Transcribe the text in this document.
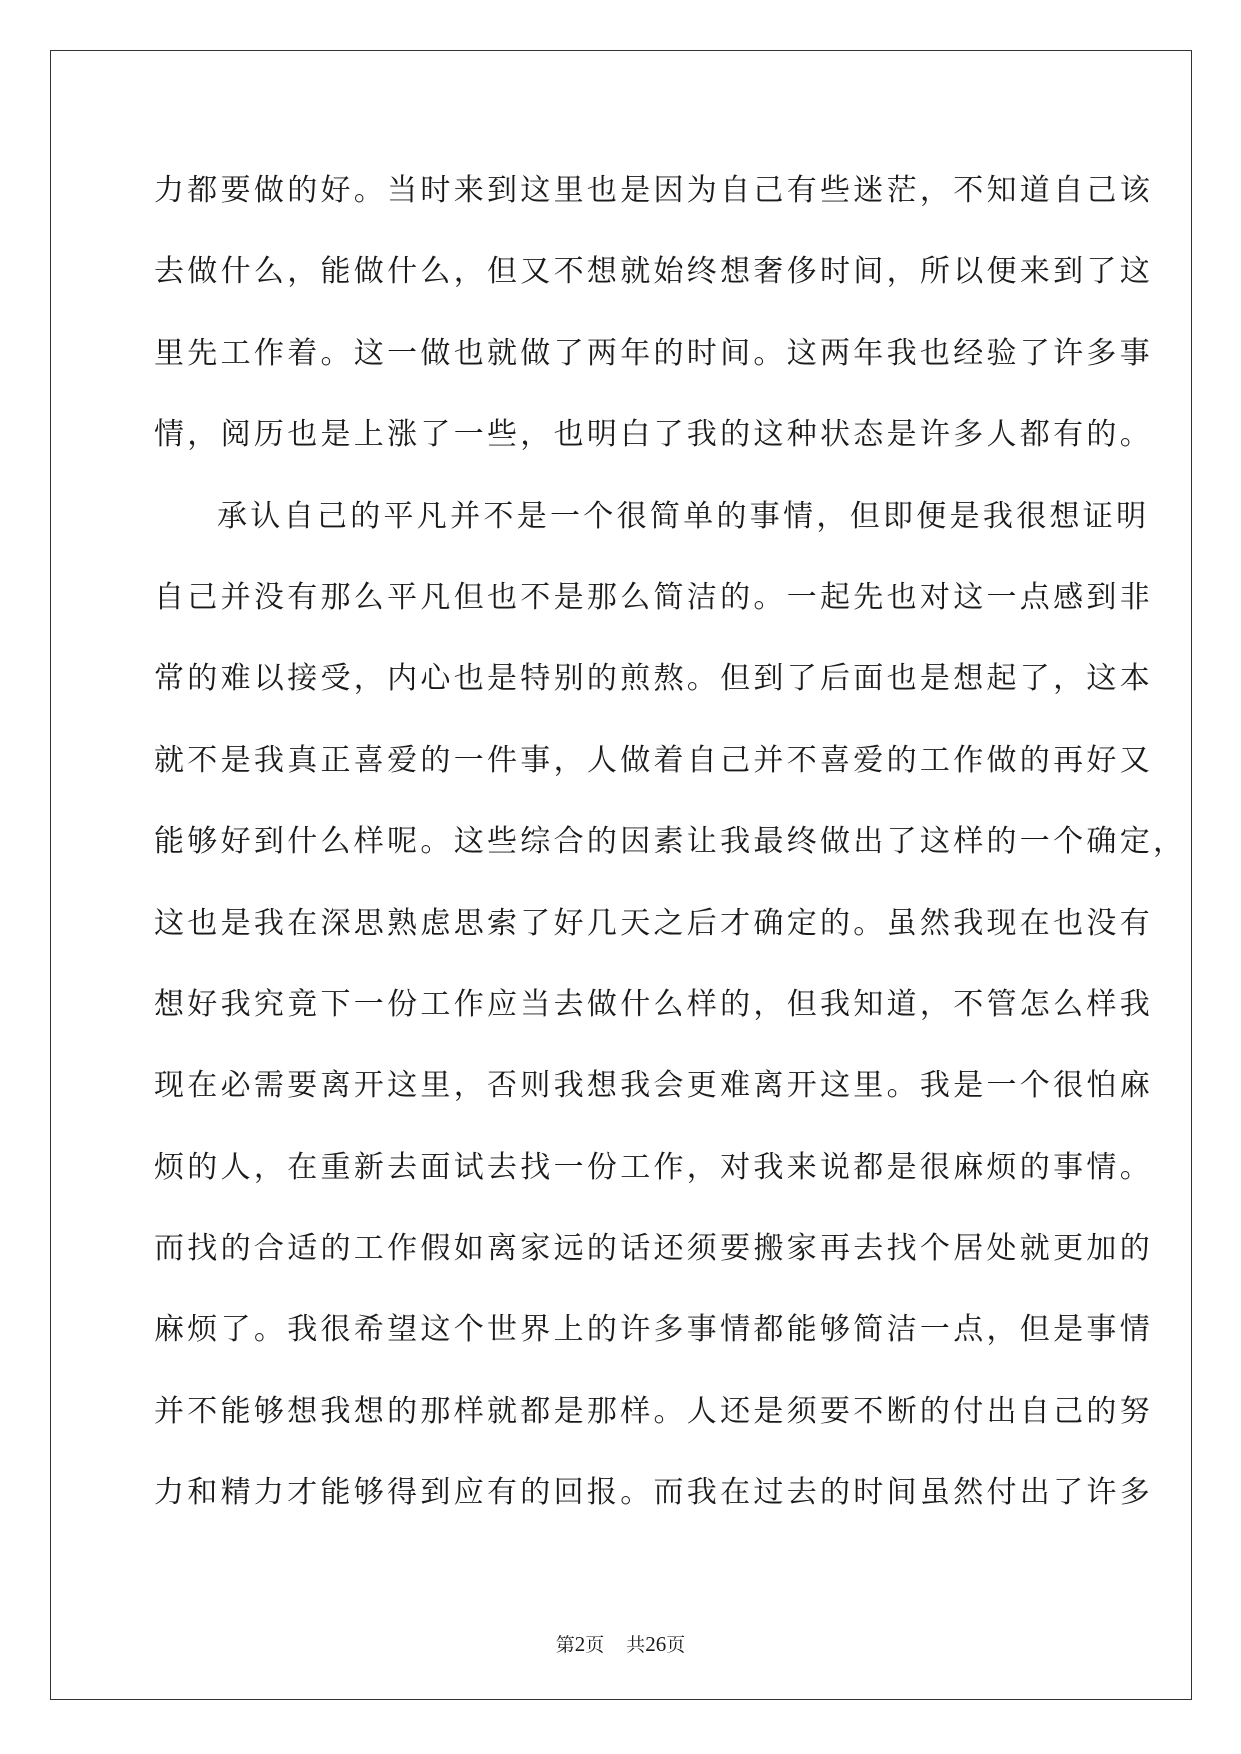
力都要做的好。当时来到这里也是因为自己有些迷茫，不知道自己该
去做什么，能做什么，但又不想就始终想奢侈时间，所以便来到了这
里先工作着。这一做也就做了两年的时间。这两年我也经验了许多事
情，阅历也是上涨了一些，也明白了我的这种状态是许多人都有的。
承认自己的平凡并不是一个很简单的事情，但即便是我很想证明
自己并没有那么平凡但也不是那么简洁的。一起先也对这一点感到非
常的难以接受，内心也是特别的煎熬。但到了后面也是想起了，这本
就不是我真正喜爱的一件事，人做着自己并不喜爱的工作做的再好又
能够好到什么样呢。这些综合的因素让我最终做出了这样的一个确定，
这也是我在深思熟虑思索了好几天之后才确定的。虽然我现在也没有
想好我究竟下一份工作应当去做什么样的，但我知道，不管怎么样我
现在必需要离开这里，否则我想我会更难离开这里。我是一个很怕麻
烦的人，在重新去面试去找一份工作，对我来说都是很麻烦的事情。
而找的合适的工作假如离家远的话还须要搬家再去找个居处就更加的
麻烦了。我很希望这个世界上的许多事情都能够简洁一点，但是事情
并不能够想我想的那样就都是那样。人还是须要不断的付出自己的努
力和精力才能够得到应有的回报。而我在过去的时间虽然付出了许多
第2页 共26页
